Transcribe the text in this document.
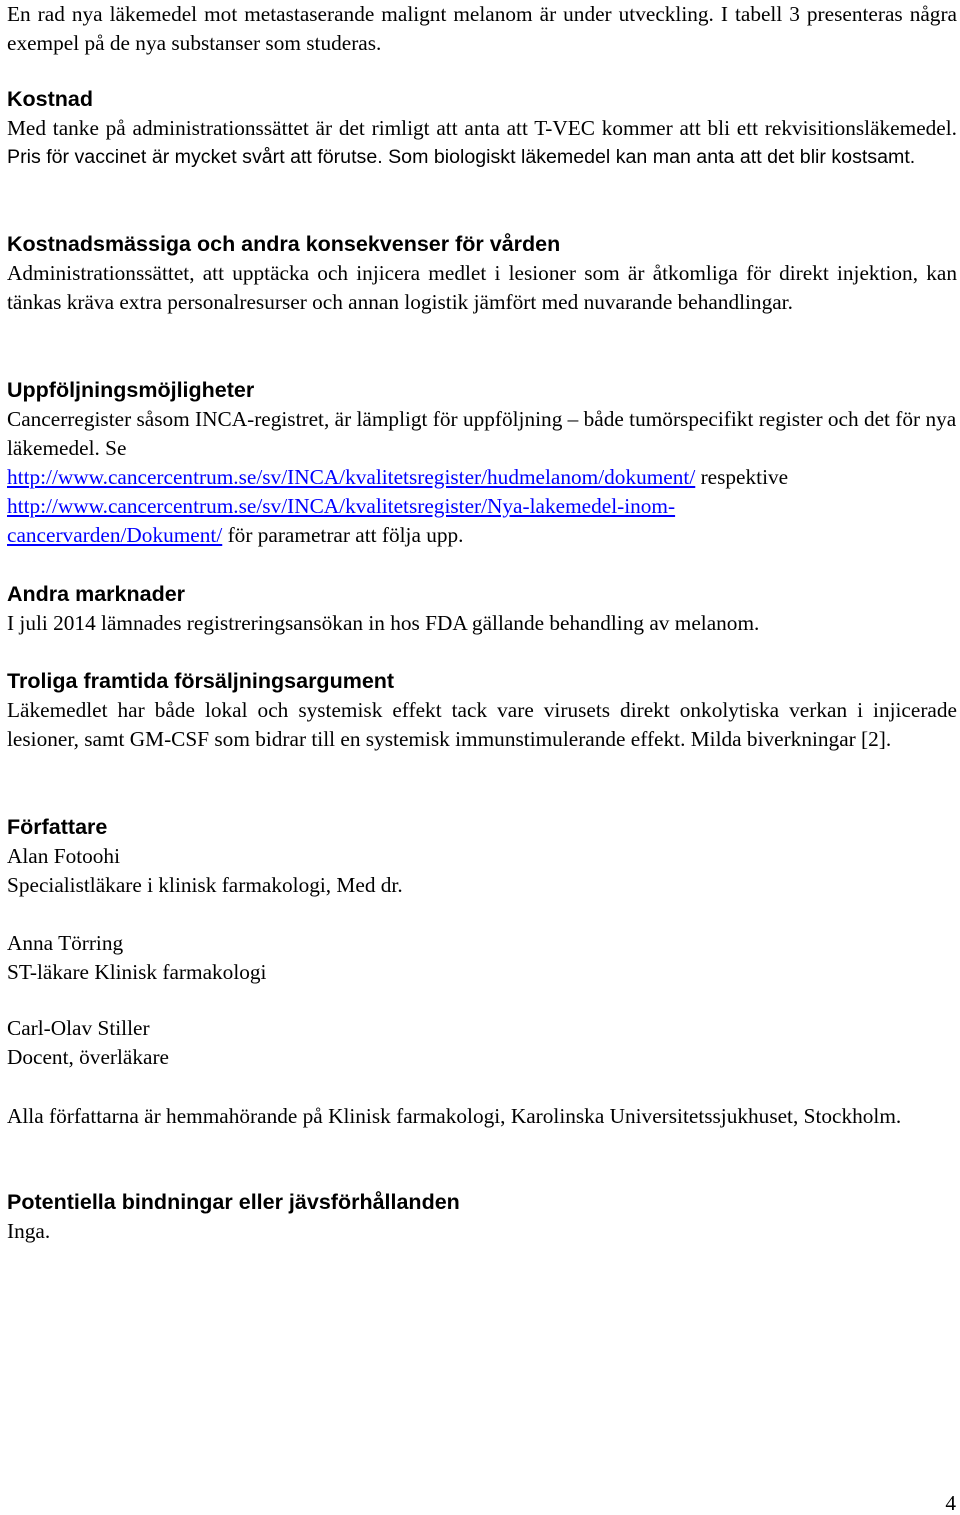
En rad nya läkemedel mot metastaserande malignt melanom är under utveckling. I tabell 3 presenteras några exempel på de nya substanser som studeras.

Kostnad

Med tanke på administrationssättet är det rimligt att anta att T-VEC kommer att bli ett rekvisitionsläkemedel. Pris för vaccinet är mycket svårt att förutse. Som biologiskt läkemedel kan man anta att det blir kostsamt.

Kostnadsmässiga och andra konsekvenser för vården

Administrationssättet, att upptäcka och injicera medlet i lesioner som är åtkomliga för direkt injektion, kan tänkas kräva extra personalresurser och annan logistik jämfört med nuvarande behandlingar.

Uppföljningsmöjligheter

Cancerregister såsom INCA-registret, är lämpligt för uppföljning – både tumörspecifikt register och det för nya läkemedel. Se
http://www.cancercentrum.se/sv/INCA/kvalitetsregister/hudmelanom/dokument/ respektive
http://www.cancercentrum.se/sv/INCA/kvalitetsregister/Nya-lakemedel-inom-
cancervarden/Dokument/ för parametrar att följa upp.

Andra marknader

I juli 2014 lämnades registreringsansökan in hos FDA gällande behandling av melanom.

Troliga framtida försäljningsargument

Läkemedlet har både lokal och systemisk effekt tack vare virusets direkt onkolytiska verkan i injicerade lesioner, samt GM-CSF som bidrar till en systemisk immunstimulerande effekt. Milda biverkningar [2].

Författare
Alan Fotoohi
Specialistläkare i klinisk farmakologi, Med dr.
Anna Törring
ST-läkare Klinisk farmakologi
Carl-Olav Stiller
Docent, överläkare

Alla författarna är hemmahörande på Klinisk farmakologi, Karolinska Universitetssjukhuset, Stockholm.

Potentiella bindningar eller jävsförhållanden

Inga.

4
